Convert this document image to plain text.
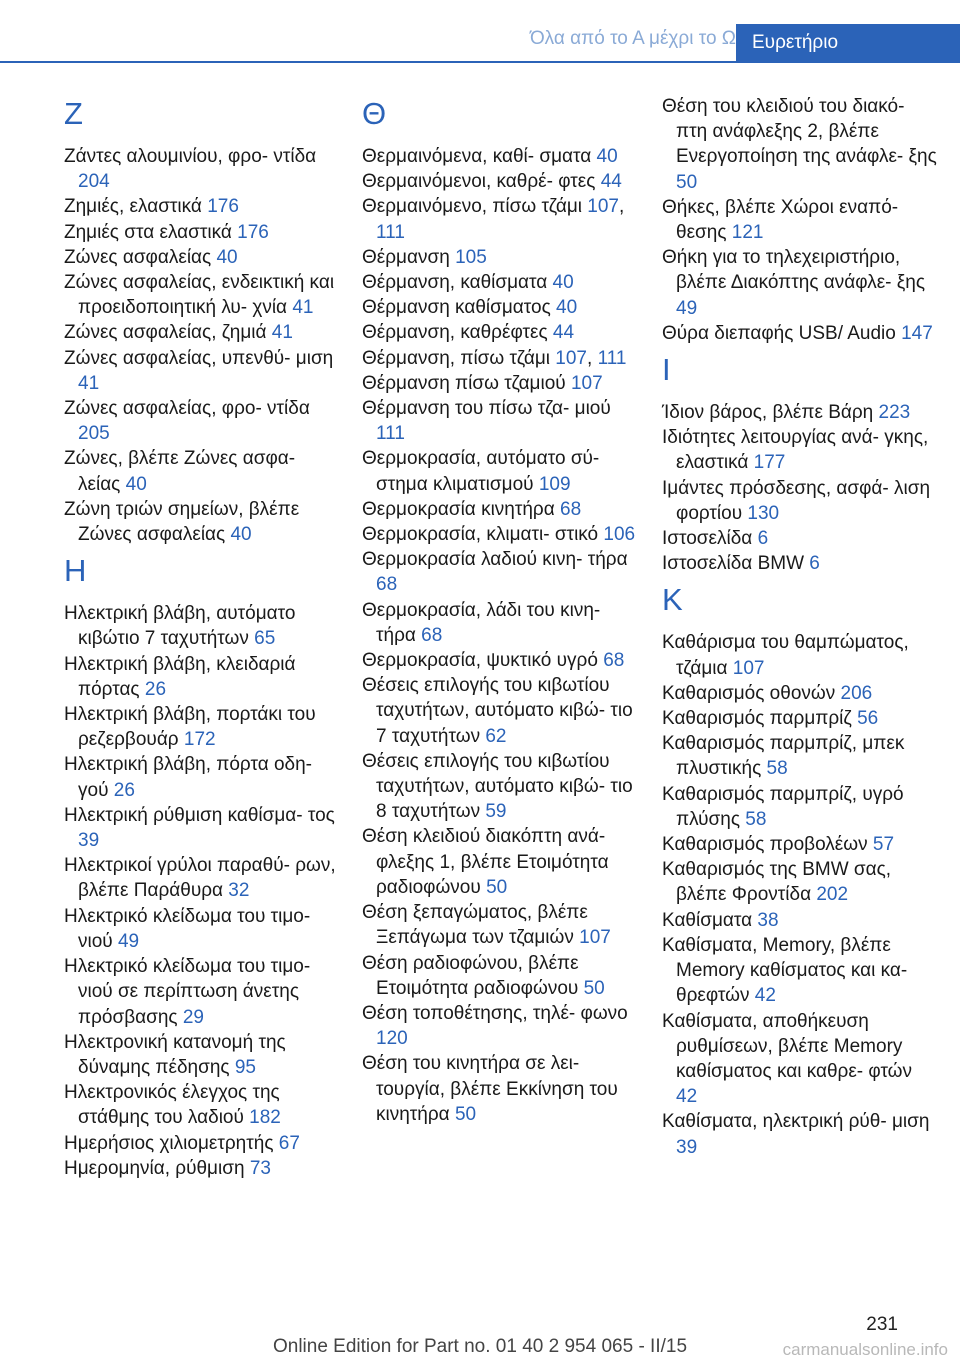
Όλα από το Α μέχρι το Ω Ευρετήριο
Z
Ζάντες αλουμινίου, φρο‐ ντίδα 204
Ζημιές, ελαστικά 176
Ζημιές στα ελαστικά 176
Ζώνες ασφαλείας 40
Ζώνες ασφαλείας, ενδεικτική και προειδοποιητική λυ‐ χνία 41
Ζώνες ασφαλείας, ζημιά 41
Ζώνες ασφαλείας, υπενθύ‐ μιση 41
Ζώνες ασφαλείας, φρο‐ ντίδα 205
Ζώνες, βλέπε Ζώνες ασφα‐ λείας 40
Ζώνη τριών σημείων, βλέπε Ζώνες ασφαλείας 40
H
Ηλεκτρική βλάβη, αυτόματο κιβώτιο 7 ταχυτήτων 65
Ηλεκτρική βλάβη, κλειδαριά πόρτας 26
Ηλεκτρική βλάβη, πορτάκι του ρεζερβουάρ 172
Ηλεκτρική βλάβη, πόρτα οδη‐ γού 26
Ηλεκτρική ρύθμιση καθίσμα‐ τος 39
Ηλεκτρικοί γρύλοι παραθύ‐ ρων, βλέπε Παράθυρα 32
Ηλεκτρικό κλείδωμα του τιμο‐ νιού 49
Ηλεκτρικό κλείδωμα του τιμο‐ νιού σε περίπτωση άνετης πρόσβασης 29
Ηλεκτρονική κατανομή της δύναμης πέδησης 95
Ηλεκτρονικός έλεγχος της στάθμης του λαδιού 182
Ημερήσιος χιλιομετρητής 67
Ημερομηνία, ρύθμιση 73
Θ
Θερμαινόμενα, καθί‐ σματα 40
Θερμαινόμενοι, καθρέ‐ φτες 44
Θερμαινόμενο, πίσω τζάμι 107, 111
Θέρμανση 105
Θέρμανση, καθίσματα 40
Θέρμανση καθίσματος 40
Θέρμανση, καθρέφτες 44
Θέρμανση, πίσω τζάμι 107, 111
Θέρμανση πίσω τζαμιού 107
Θέρμανση του πίσω τζα‐ μιού 111
Θερμοκρασία, αυτόματο σύ‐ στημα κλιματισμού 109
Θερμοκρασία κινητήρα 68
Θερμοκρασία, κλιματι‐ στικό 106
Θερμοκρασία λαδιού κινη‐ τήρα 68
Θερμοκρασία, λάδι του κινη‐ τήρα 68
Θερμοκρασία, ψυκτικό υγρό 68
Θέσεις επιλογής του κιβωτίου ταχυτήτων, αυτόματο κιβώ‐ τιο 7 ταχυτήτων 62
Θέσεις επιλογής του κιβωτίου ταχυτήτων, αυτόματο κιβώ‐ τιο 8 ταχυτήτων 59
Θέση κλειδιού διακόπτη ανά‐ φλεξης 1, βλέπε Ετοιμότητα ραδιοφώνου 50
Θέση ξεπαγώματος, βλέπε Ξεπάγωμα των τζαμιών 107
Θέση ραδιοφώνου, βλέπε Ετοιμότητα ραδιοφώνου 50
Θέση τοποθέτησης, τηλέ‐ φωνο 120
Θέση του κινητήρα σε λει‐ τουργία, βλέπε Εκκίνηση του κινητήρα 50
Θέση του κλειδιού του διακό‐ πτη ανάφλεξης 2, βλέπε Ενεργοποίηση της ανάφλε‐ ξης 50
Θήκες, βλέπε Χώροι εναπό‐ θεσης 121
Θήκη για το τηλεχειριστήριο, βλέπε Διακόπτης ανάφλε‐ ξης 49
Θύρα διεπαφής USB/ Audio 147
I
Ίδιον βάρος, βλέπε Βάρη 223
Ιδιότητες λειτουργίας ανά‐ γκης, ελαστικά 177
Ιμάντες πρόσδεσης, ασφά‐ λιση φορτίου 130
Ιστοσελίδα 6
Ιστοσελίδα BMW 6
K
Καθάρισμα του θαμπώματος, τζάμια 107
Καθαρισμός οθονών 206
Καθαρισμός παρμπρίζ 56
Καθαρισμός παρμπρίζ, μπεκ πλυστικής 58
Καθαρισμός παρμπρίζ, υγρό πλύσης 58
Καθαρισμός προβολέων 57
Καθαρισμός της BMW σας, βλέπε Φροντίδα 202
Καθίσματα 38
Καθίσματα, Memory, βλέπε Memory καθίσματος και κα‐ θρεφτών 42
Καθίσματα, αποθήκευση ρυθμίσεων, βλέπε Memory καθίσματος και καθρε‐ φτών 42
Καθίσματα, ηλεκτρική ρύθ‐ μιση 39
231
Online Edition for Part no. 01 40 2 954 065 - II/15	carmanualsonline.info
